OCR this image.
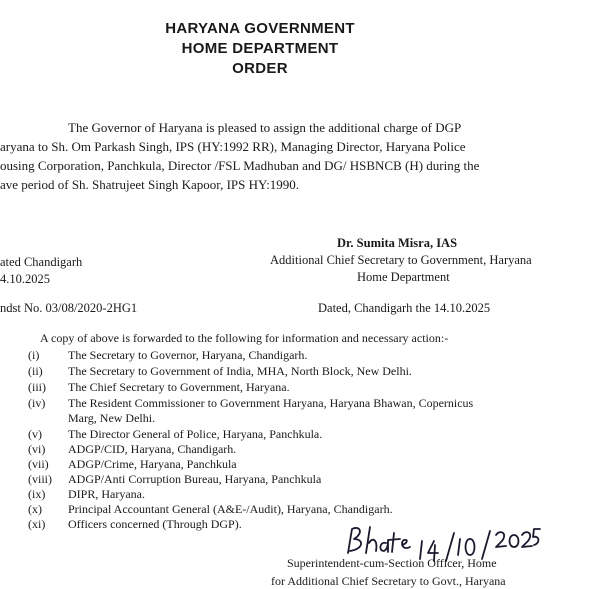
HARYANA GOVERNMENT
HOME DEPARTMENT
ORDER
The Governor of Haryana is pleased to assign the additional charge of DGP
aryana to Sh. Om Parkash Singh, IPS (HY:1992 RR), Managing Director, Haryana Police
ousing Corporation, Panchkula, Director /FSL Madhuban and DG/ HSBNCB (H) during the
ave period of Sh. Shatrujeet Singh Kapoor, IPS HY:1990.
Dr. Sumita Misra, IAS
Additional Chief Secretary to Government, Haryana
Home Department
ated Chandigarh
4.10.2025
ndst No. 03/08/2020-2HG1	Dated, Chandigarh the 14.10.2025
A copy of above is forwarded to the following for information and necessary action:-
(i) The Secretary to Governor, Haryana, Chandigarh.
(ii) The Secretary to Government of India, MHA, North Block, New Delhi.
(iii) The Chief Secretary to Government, Haryana.
(iv) The Resident Commissioner to Government Haryana, Haryana Bhawan, Copernicus
Marg, New Delhi.
(v) The Director General of Police, Haryana, Panchkula.
(vi) ADGP/CID, Haryana, Chandigarh.
(vii) ADGP/Crime, Haryana, Panchkula
(viii) ADGP/Anti Corruption Bureau, Haryana, Panchkula
(ix) DIPR, Haryana.
(x) Principal Accountant General (A&E-/Audit), Haryana, Chandigarh.
(xi) Officers concerned (Through DGP).
Superintendent-cum-Section Officer, Home
for Additional Chief Secretary to Govt., Haryana
